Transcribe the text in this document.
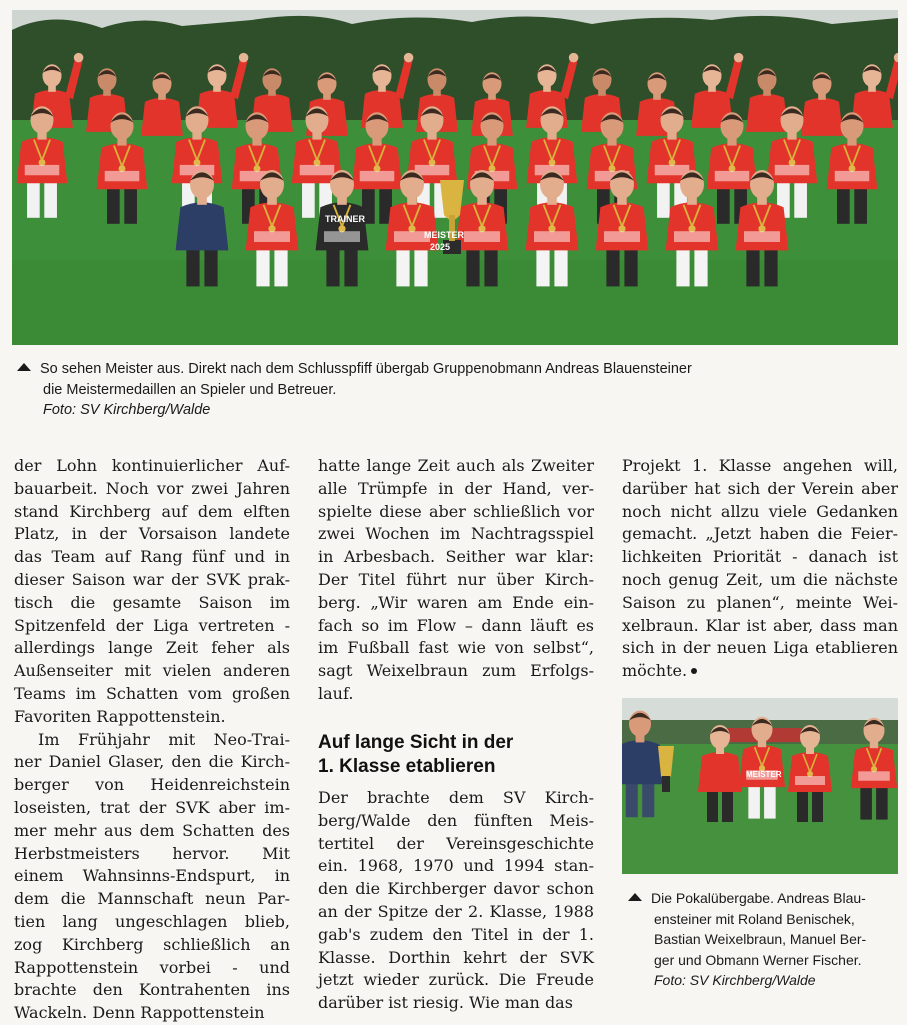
MEISTER
2025
TRAINER
So sehen Meister aus. Direkt nach dem Schlusspfiff übergab Gruppenobmann Andreas Blauensteiner
die Meistermedaillen an Spieler und Betreuer.
Foto: SV Kirchberg/Walde
der Lohn kontinuierlicher Auf-
bauarbeit. Noch vor zwei Jahren
stand Kirchberg auf dem elften
Platz, in der Vorsaison landete
das Team auf Rang fünf und in
dieser Saison war der SVK prak-
tisch die gesamte Saison im
Spitzenfeld der Liga vertreten -
allerdings lange Zeit feher als
Außenseiter mit vielen anderen
Teams im Schatten vom großen
Favoriten Rappottenstein.
Im Frühjahr mit Neo-Trai-
ner Daniel Glaser, den die Kirch-
berger von Heidenreichstein
loseisten, trat der SVK aber im-
mer mehr aus dem Schatten des
Herbstmeisters hervor. Mit
einem Wahnsinns-Endspurt, in
dem die Mannschaft neun Par-
tien lang ungeschlagen blieb,
zog Kirchberg schließlich an
Rappottenstein vorbei - und
brachte den Kontrahenten ins
Wackeln. Denn Rappottenstein
hatte lange Zeit auch als Zweiter
alle Trümpfe in der Hand, ver-
spielte diese aber schließlich vor
zwei Wochen im Nachtragsspiel
in Arbesbach. Seither war klar:
Der Titel führt nur über Kirch-
berg. „Wir waren am Ende ein-
fach so im Flow – dann läuft es
im Fußball fast wie von selbst“,
sagt Weixelbraun zum Erfolgs-
lauf.
Auf lange Sicht in der
1. Klasse etablieren
Der brachte dem SV Kirch-
berg/Walde den fünften Meis-
tertitel der Vereinsgeschichte
ein. 1968, 1970 und 1994 stan-
den die Kirchberger davor schon
an der Spitze der 2. Klasse, 1988
gab's zudem den Titel in der 1.
Klasse. Dorthin kehrt der SVK
jetzt wieder zurück. Die Freude
darüber ist riesig. Wie man das
Projekt 1. Klasse angehen will,
darüber hat sich der Verein aber
noch nicht allzu viele Gedanken
gemacht. „Jetzt haben die Feier-
lichkeiten Priorität - danach ist
noch genug Zeit, um die nächste
Saison zu planen“, meinte Wei-
xelbraun. Klar ist aber, dass man
sich in der neuen Liga etablieren
möchte.
MEISTER
Die Pokalübergabe. Andreas Blau-
ensteiner mit Roland Benischek,
Bastian Weixelbraun, Manuel Ber-
ger und Obmann Werner Fischer.
Foto: SV Kirchberg/Walde
